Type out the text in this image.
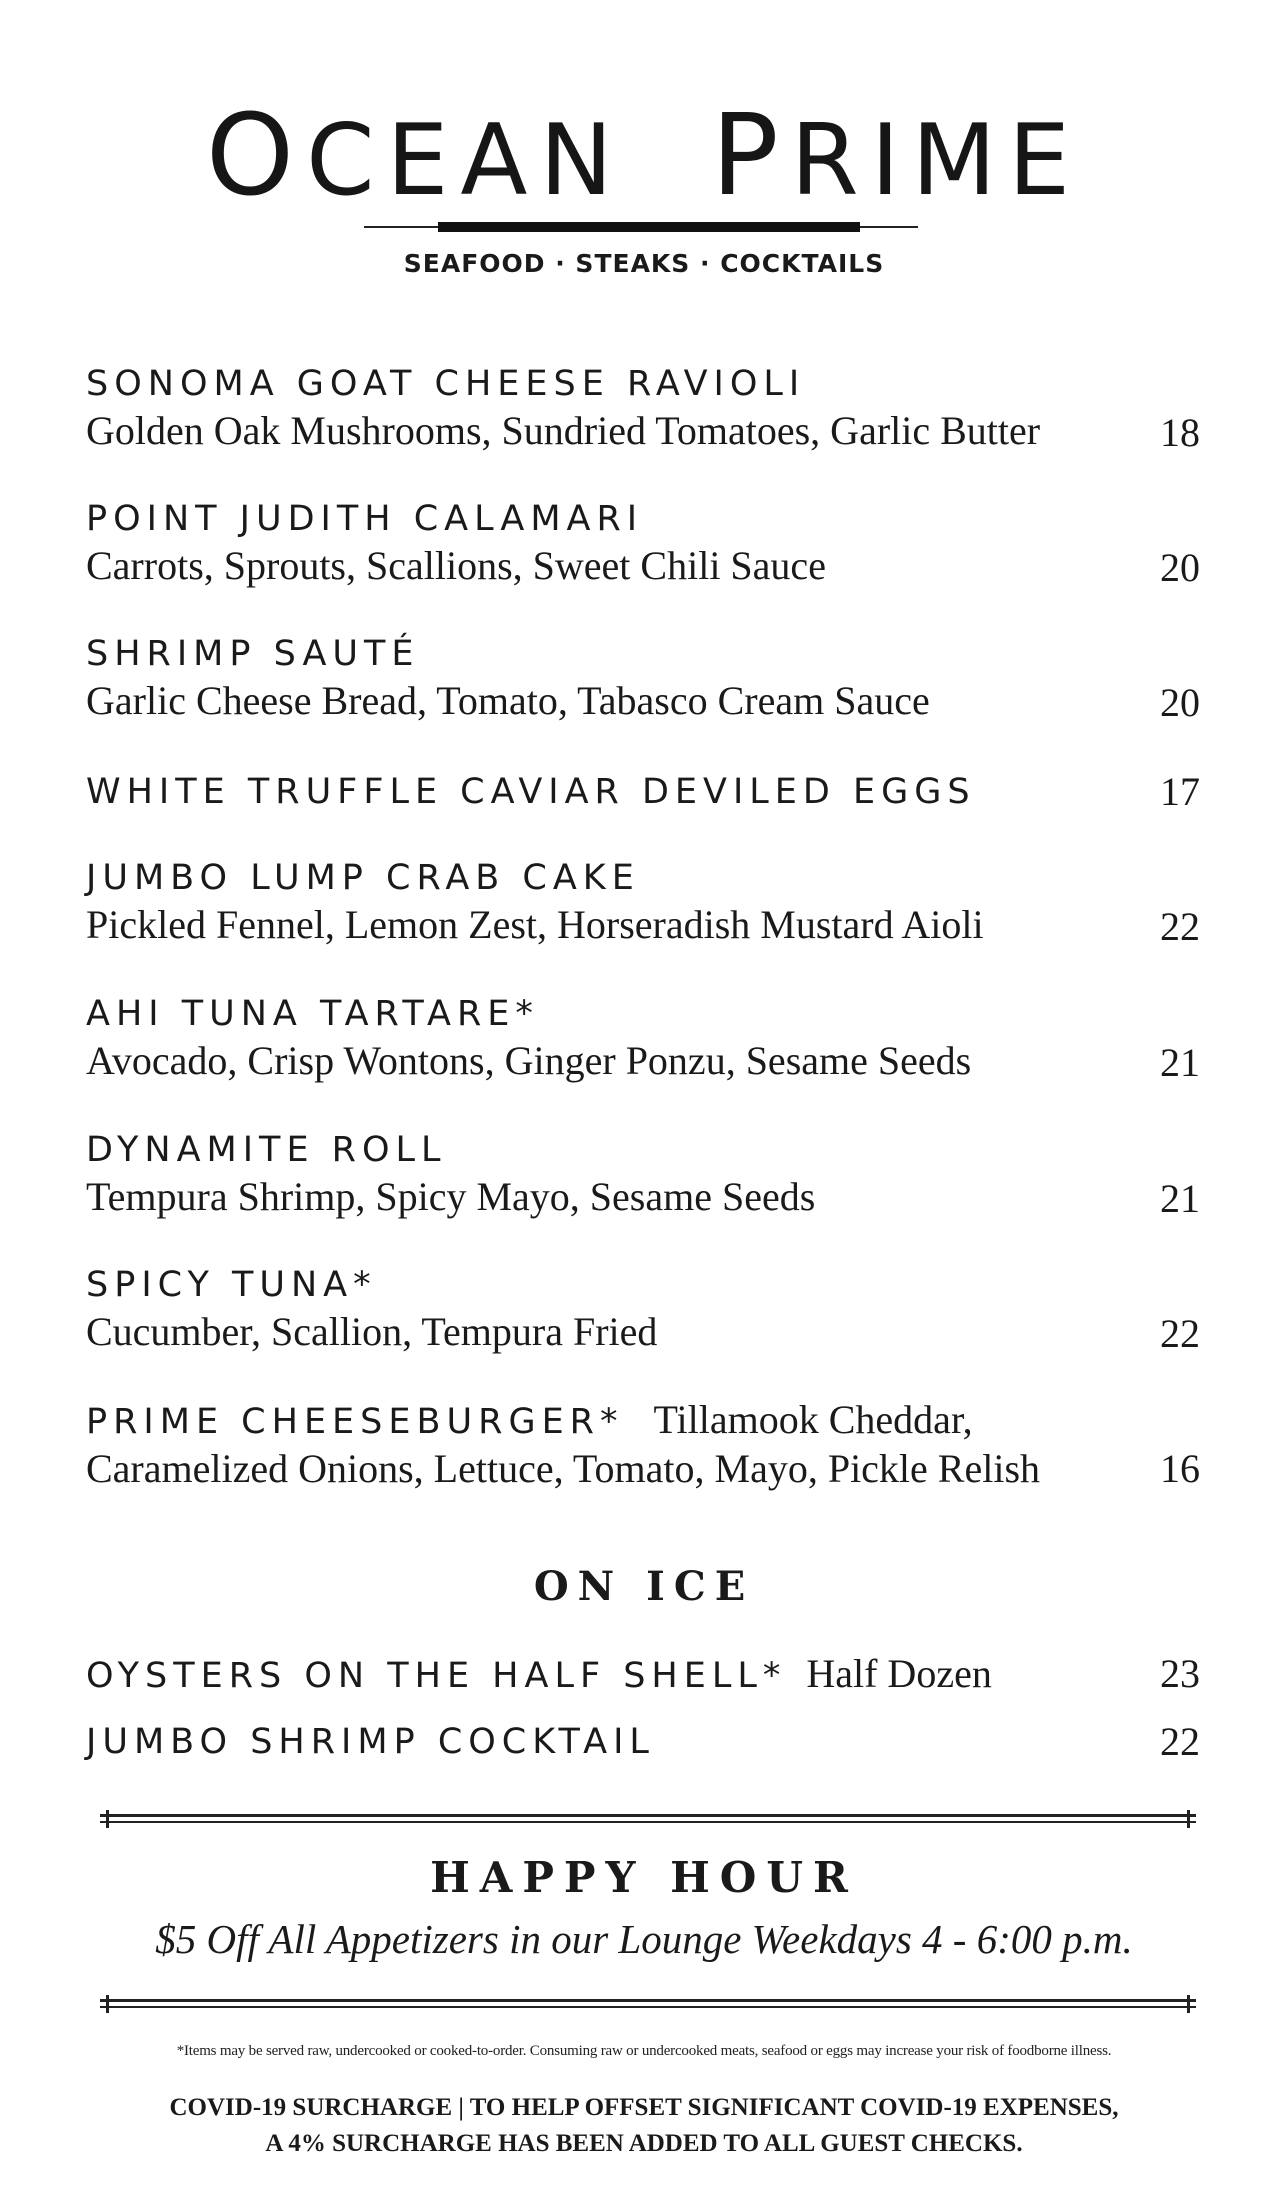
OCEAN PRIME
SEAFOOD · STEAKS · COCKTAILS
SONOMA GOAT CHEESE RAVIOLI
Golden Oak Mushrooms, Sundried Tomatoes, Garlic Butter	18
POINT JUDITH CALAMARI
Carrots, Sprouts, Scallions, Sweet Chili Sauce	20
SHRIMP SAUTÉ
Garlic Cheese Bread, Tomato, Tabasco Cream Sauce	20
WHITE TRUFFLE CAVIAR DEVILED EGGS	17
JUMBO LUMP CRAB CAKE
Pickled Fennel, Lemon Zest, Horseradish Mustard Aioli	22
AHI TUNA TARTARE*
Avocado, Crisp Wontons, Ginger Ponzu, Sesame Seeds	21
DYNAMITE ROLL
Tempura Shrimp, Spicy Mayo, Sesame Seeds	21
SPICY TUNA*
Cucumber, Scallion, Tempura Fried	22
PRIME CHEESEBURGER* Tillamook Cheddar,
Caramelized Onions, Lettuce, Tomato, Mayo, Pickle Relish	16
ON ICE
OYSTERS ON THE HALF SHELL* Half Dozen	23
JUMBO SHRIMP COCKTAIL	22
HAPPY HOUR
$5 Off All Appetizers in our Lounge Weekdays 4 - 6:00 p.m.
*Items may be served raw, undercooked or cooked-to-order. Consuming raw or undercooked meats, seafood or eggs may increase your risk of foodborne illness.
COVID-19 SURCHARGE | TO HELP OFFSET SIGNIFICANT COVID-19 EXPENSES,
A 4% SURCHARGE HAS BEEN ADDED TO ALL GUEST CHECKS.
